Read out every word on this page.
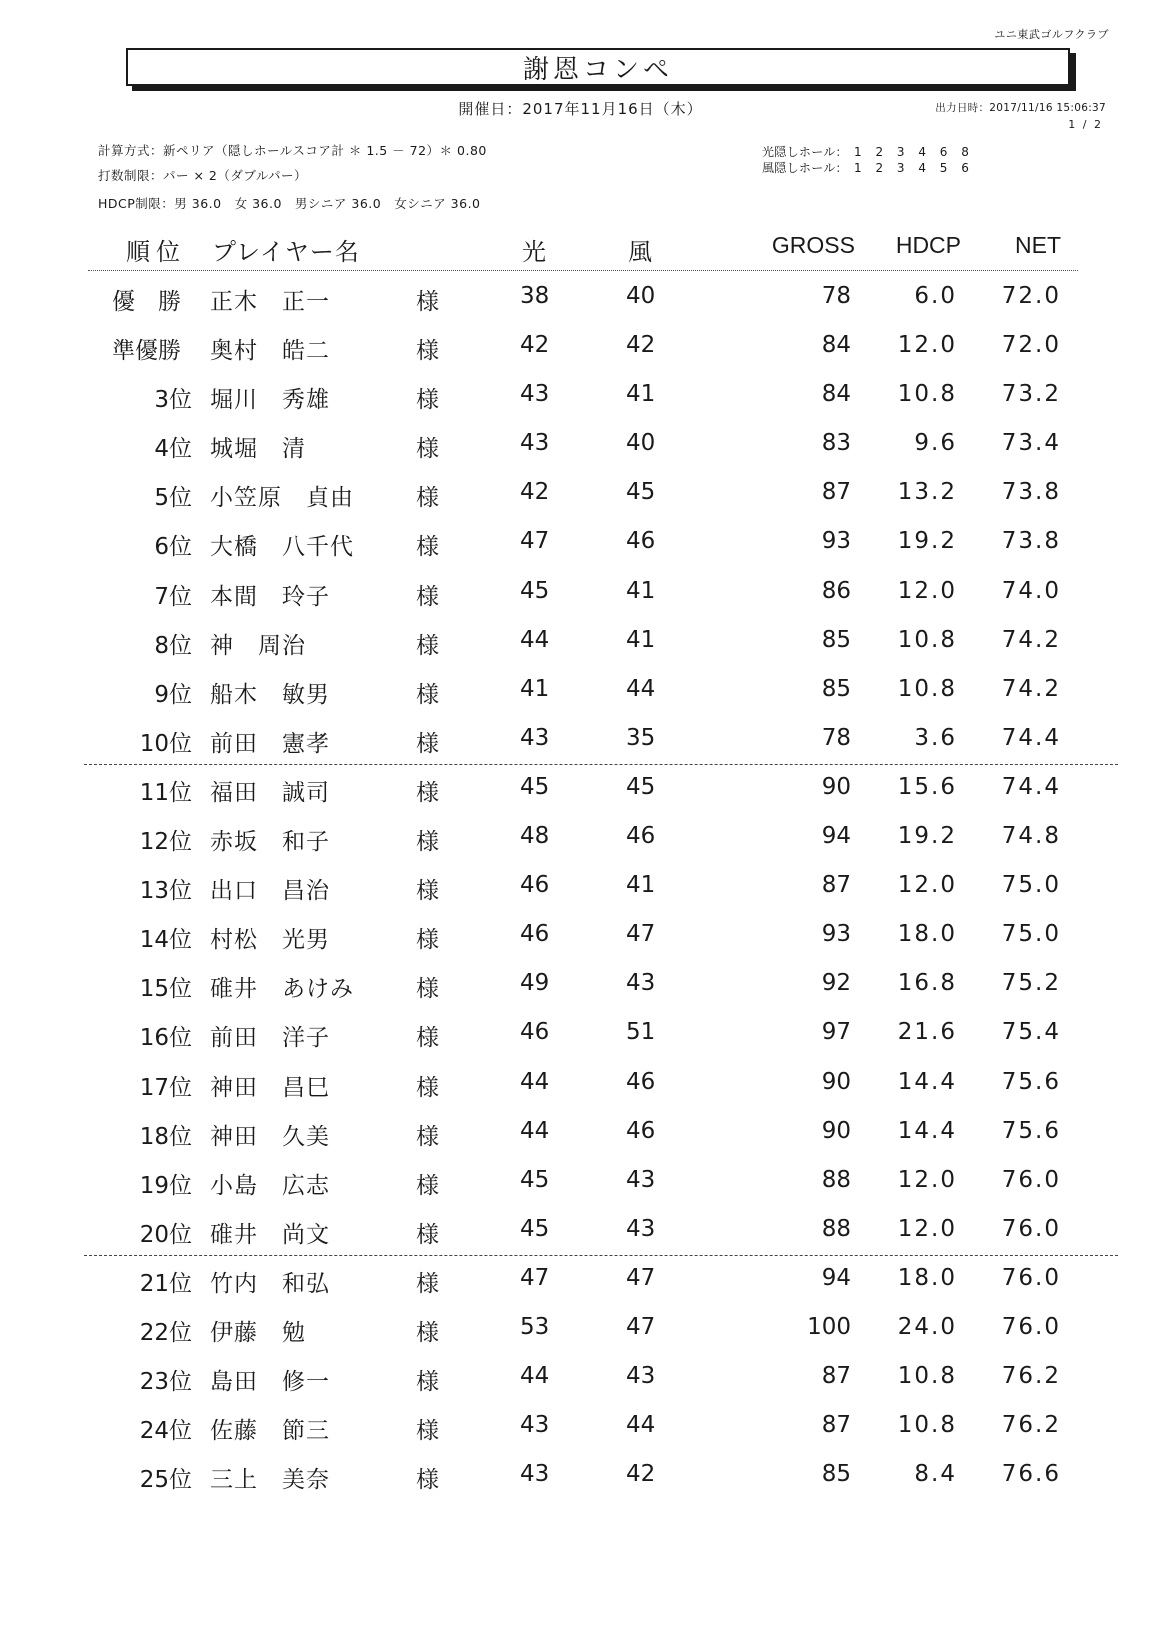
ユニ東武ゴルフクラブ
謝恩コンペ
開催日：2017年11月16日（木）	出力日時：2017/11/16 15:06:37
1 / 2
計算方式：新ペリア（隠しホールスコア計 ＊ 1.5 － 72）＊ 0.80
打数制限：パー × 2（ダブルパー）
HDCP制限：男 36.0　女 36.0　男シニア 36.0　女シニア 36.0
光隠しホール： 1 2 3 4 6 8
風隠しホール： 1 2 3 4 5 6
順位 プレイヤー名	光	風	GROSS HDCP NET
優　勝	正木　正一	様	38	40	78	6.0	72.0
準優勝	奥村　皓二	様	42	42	84	12.0	72.0
3位 堀川　秀雄	様	43	41	84	10.8	73.2
4位 城堀　清	様	43	40	83	9.6	73.4
5位 小笠原　貞由	様	42	45	87	13.2	73.8
6位 大橋　八千代	様	47	46	93	19.2	73.8
7位 本間　玲子	様	45	41	86	12.0	74.0
8位 神　周治	様	44	41	85	10.8	74.2
9位 船木　敏男	様	41	44	85	10.8	74.2
10位 前田　憲孝	様	43	35	78	3.6	74.4
11位 福田　誠司	様	45	45	90	15.6	74.4
12位 赤坂　和子	様	48	46	94	19.2	74.8
13位 出口　昌治	様	46	41	87	12.0	75.0
14位 村松　光男	様	46	47	93	18.0	75.0
15位 碓井　あけみ	様	49	43	92	16.8	75.2
16位 前田　洋子	様	46	51	97	21.6	75.4
17位 神田　昌巳	様	44	46	90	14.4	75.6
18位 神田　久美	様	44	46	90	14.4	75.6
19位 小島　広志	様	45	43	88	12.0	76.0
20位 碓井　尚文	様	45	43	88	12.0	76.0
21位 竹内　和弘	様	47	47	94	18.0	76.0
22位 伊藤　勉	様	53	47	100	24.0	76.0
23位 島田　修一	様	44	43	87	10.8	76.2
24位 佐藤　節三	様	43	44	87	10.8	76.2
25位 三上　美奈	様	43	42	85	8.4	76.6
